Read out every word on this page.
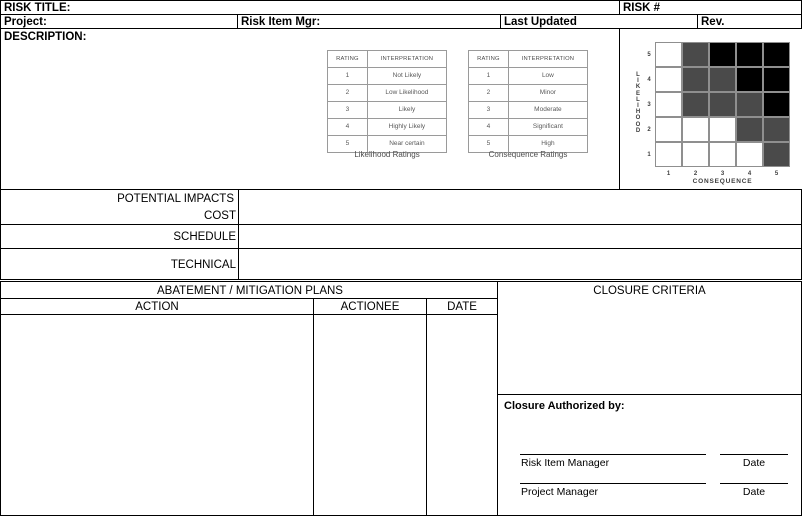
RISK TITLE:	RISK #
Project:	Risk Item Mgr:	Last Updated	Rev.
DESCRIPTION:
RATING	INTERPRETATION
1	Not Likely
2	Low Likelihood
3	Likely
4	Highly Likely
5	Near certain
Likelihood Ratings
RATING	INTERPRETATION
1	Low
2	Minor
3	Moderate
4	Significant
5	High
Consequence Ratings
L
I
K
E
L
I
H
O
O
D
5
4
3
2
1
1	2	3	4	5
CONSEQUENCE
POTENTIAL IMPACTS
COST
SCHEDULE
TECHNICAL
ABATEMENT / MITIGATION PLANS
ACTION	ACTIONEE	DATE
CLOSURE CRITERIA
Closure Authorized by:
Risk Item Manager	Date
Project Manager	Date
